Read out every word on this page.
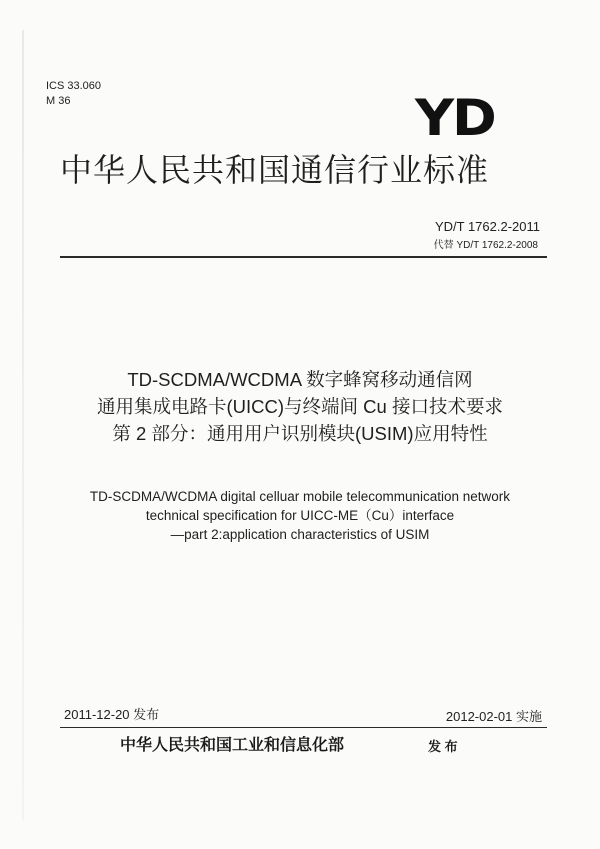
ICS 33.060
M 36	YD
中华人民共和国通信行业标准
YD/T 1762.2-2011
代替 YD/T 1762.2-2008
TD-SCDMA/WCDMA 数字蜂窝移动通信网
通用集成电路卡(UICC)与终端间 Cu 接口技术要求
第 2 部分：通用用户识别模块(USIM)应用特性
TD-SCDMA/WCDMA digital celluar mobile telecommunication network
technical specification for UICC-ME（Cu）interface
—part 2:application characteristics of USIM
2011-12-20 发布	2012-02-01 实施
中华人民共和国工业和信息化部	发 布
